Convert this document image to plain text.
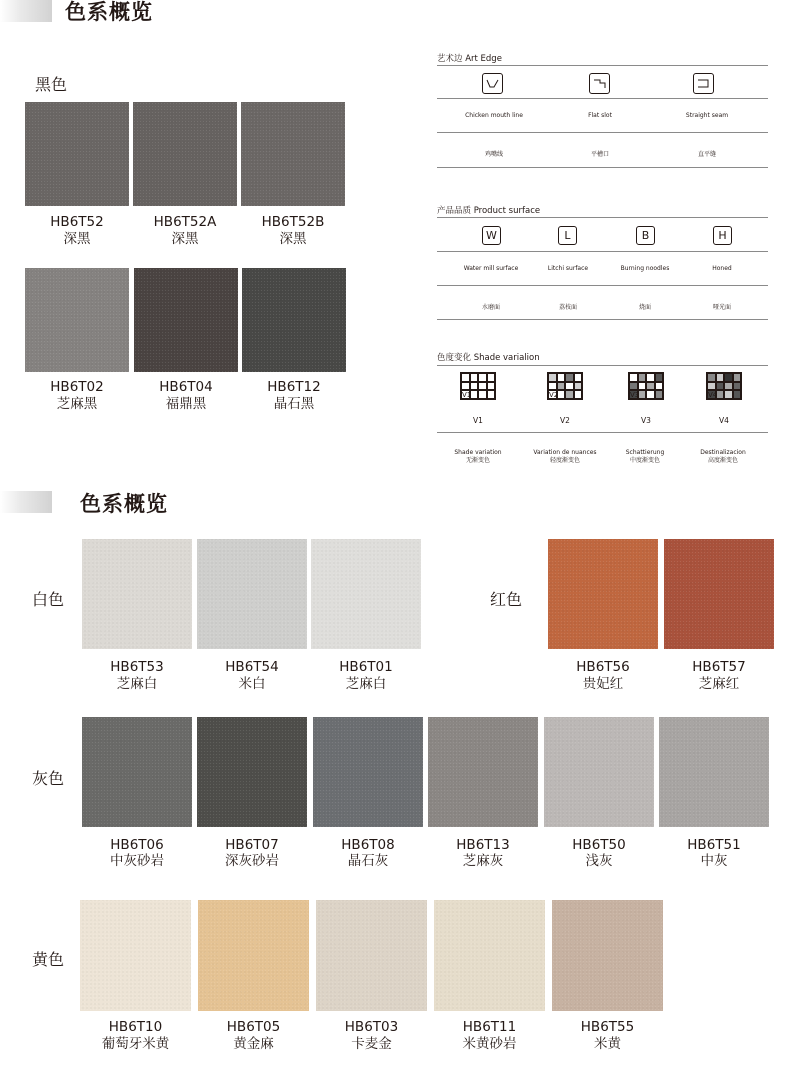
色系概览
黑色
HB6T52
深黑
HB6T52A
深黑
HB6T52B
深黑
HB6T02
芝麻黑
HB6T04
福鼎黑
HB6T12
晶石黑
艺术边 Art Edge
Chicken mouth line	Flat slot	Straight seam
鸡嘴线	平槽口	直平缝
产品品质 Product surface
W	L	B	H
Water mill surface	Litchi surface	Burning noodles	Honed
水磨面	荔枝面	烧面	哑光面
色度变化 Shade varialion
V1	V2	V3	V4
V1	V2	V3	V4
Shade variation
无渐变色
Variation de nuances
轻度渐变色
Schattierung
中度渐变色
Destinalizacion
高度渐变色
色系概览
白色
HB6T53
芝麻白
HB6T54
米白
HB6T01
芝麻白
红色
HB6T56
贵妃红
HB6T57
芝麻红
灰色
HB6T06
中灰砂岩
HB6T07
深灰砂岩
HB6T08
晶石灰
HB6T13
芝麻灰
HB6T50
浅灰
HB6T51
中灰
黄色
HB6T10
葡萄牙米黄
HB6T05
黄金麻
HB6T03
卡麦金
HB6T11
米黄砂岩
HB6T55
米黄
